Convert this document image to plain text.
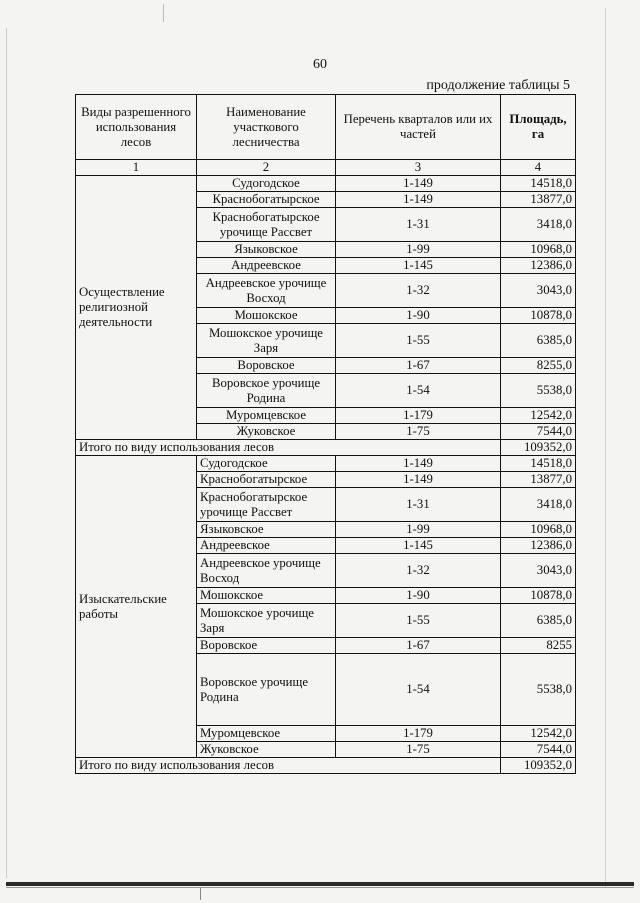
60
продолжение таблицы 5
Виды разрешенного использования лесов	Наименование участкового лесничества	Перечень кварталов или их частей	Площадь, га
1	2	3	4
Осуществление религиозной деятельности	Судогодское	1-149	14518,0
	Краснобогатырское	1-149	13877,0
	Краснобогатырское урочище Рассвет	1-31	3418,0
	Языковское	1-99	10968,0
	Андреевское	1-145	12386,0
	Андреевское урочище Восход	1-32	3043,0
	Мошокское	1-90	10878,0
	Мошокское урочище Заря	1-55	6385,0
	Воровское	1-67	8255,0
	Воровское урочище Родина	1-54	5538,0
	Муромцевское	1-179	12542,0
	Жуковское	1-75	7544,0
Итого по виду использования лесов			109352,0
Изыскательские работы	Судогодское	1-149	14518,0
	Краснобогатырское	1-149	13877,0
	Краснобогатырское урочище Рассвет	1-31	3418,0
	Языковское	1-99	10968,0
	Андреевское	1-145	12386,0
	Андреевское урочище Восход	1-32	3043,0
	Мошокское	1-90	10878,0
	Мошокское урочище Заря	1-55	6385,0
	Воровское	1-67	8255
	Воровское урочище Родина	1-54	5538,0
	Муромцевское	1-179	12542,0
	Жуковское	1-75	7544,0
Итого по виду использования лесов			109352,0
